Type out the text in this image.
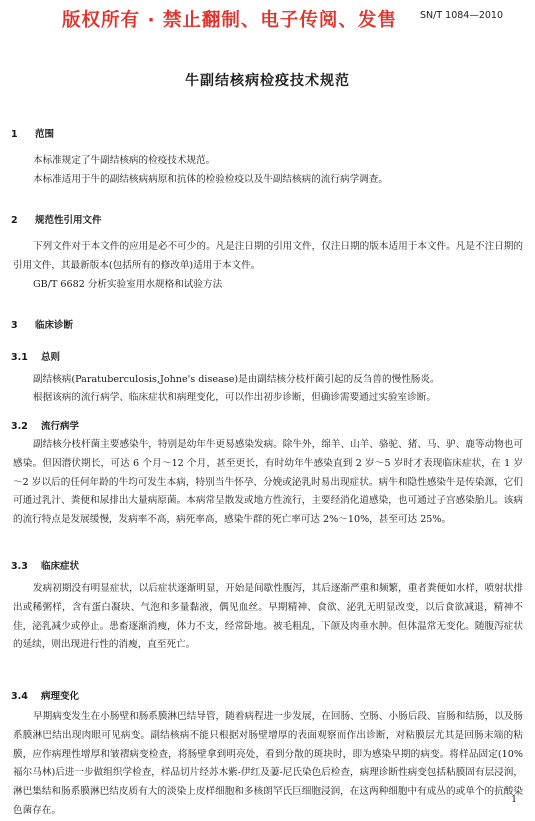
版权所有 · 禁止翻制、电子传阅、发售 SN/T 1084—2010
牛副结核病检疫技术规范
1 范围

本标准规定了牛副结核病的检疫技术规范。

本标准适用于牛的副结核病病原和抗体的检验检疫以及牛副结核病的流行病学调查。

2 规范性引用文件

下列文件对于本文件的应用是必不可少的。凡是注日期的引用文件，仅注日期的版本适用于本文件。凡是不注日期的引用文件，其最新版本(包括所有的修改单)适用于本文件。

GB/T 6682 分析实验室用水规格和试验方法

3 临床诊断
3.1 总则

副结核病(Paratuberculosis,Johne's disease)是由副结核分枝杆菌引起的反刍兽的慢性肠炎。

根据该病的流行病学、临床症状和病理变化，可以作出初步诊断，但确诊需要通过实验室诊断。

3.2 流行病学

副结核分枝杆菌主要感染牛，特别是幼年牛更易感染发病。除牛外，绵羊、山羊、骆驼、猪、马、驴、鹿等动物也可感染。但因潜伏期长，可达 6 个月～12 个月，甚至更长，有时幼年牛感染直到 2 岁～5 岁时才表现临床症状，在 1 岁～2 岁以后的任何年龄的牛均可发生本病，特别当牛怀孕、分娩或泌乳时易出现症状。病牛和隐性感染牛是传染源，它们可通过乳汁、粪便和尿排出大量病原菌。本病常呈散发或地方性流行，主要经消化道感染，也可通过子宫感染胎儿。该病的流行特点是发展缓慢，发病率不高，病死率高，感染牛群的死亡率可达 2%～10%，甚至可达 25%。

3.3 临床症状

发病初期没有明显症状，以后症状逐渐明显，开始是间歇性腹泻，其后逐渐严重和频繁，重者粪便如水样，喷射状排出或稀粥样，含有蛋白凝块、气泡和多量黏液，偶见血丝。早期精神、食欲、泌乳无明显改变，以后食欲减退，精神不佳，泌乳减少或停止。患畜逐渐消瘦，体力不支，经常卧地。被毛粗乱，下颌及肉垂水肿。但体温常无变化。随腹泻症状的延续，则出现进行性的消瘦，直至死亡。

3.4 病理变化

早期病变发生在小肠壁和肠系膜淋巴结导管，随着病程进一步发展，在回肠、空肠、小肠后段、盲肠和结肠，以及肠系膜淋巴结出现肉眼可见病变。副结核病不能只根据对肠壁增厚的表面观察而作出诊断，对粘膜层尤其是回肠末端的粘膜，应作病理性增厚和皱褶病变检查，将肠壁拿到明亮处，看到分散的斑块时，即为感染早期的病变。将样品固定(10%福尔马林)后进一步做组织学检查，样品切片经苏木紫-伊红及萋-尼氏染色后检查，病理诊断性病变包括粘膜固有层浸润，淋巴集结和肠系膜淋巴结皮质有大的淡染上皮样细胞和多核朗罕氏巨细胞浸润，在这两种细胞中有成丛的或单个的抗酸染色菌存在。

1
